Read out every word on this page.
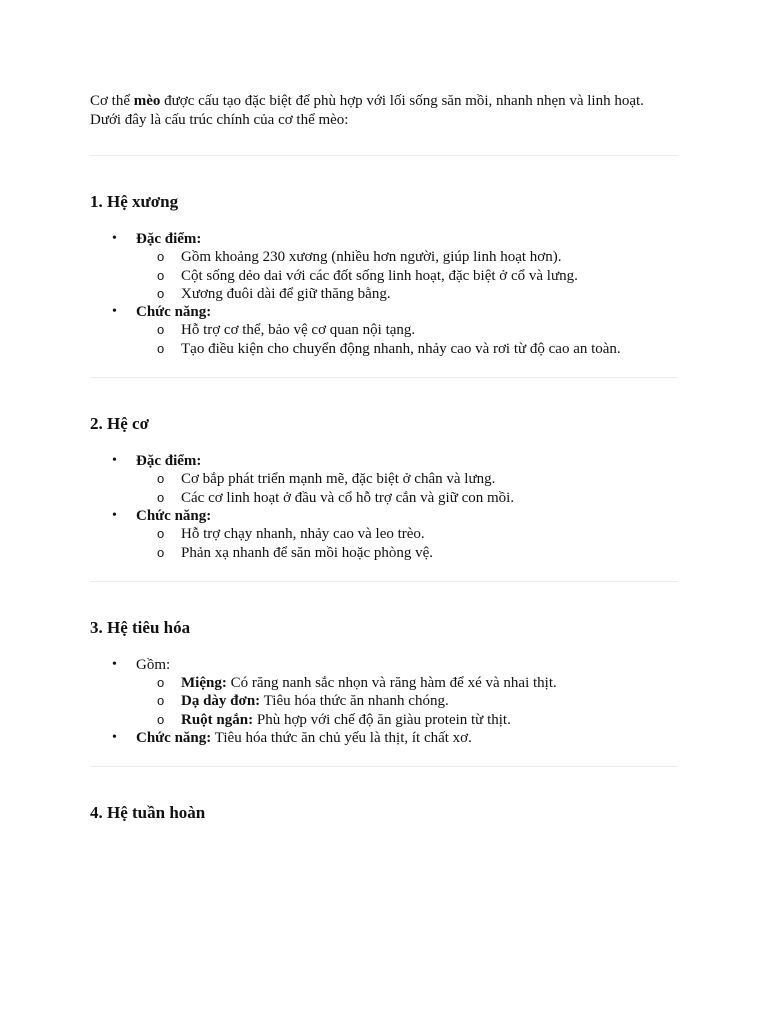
Cơ thể mèo được cấu tạo đặc biệt để phù hợp với lối sống săn mồi, nhanh nhẹn và linh hoạt. Dưới đây là cấu trúc chính của cơ thể mèo:

1. Hệ xương
• Đặc điểm:
o Gồm khoảng 230 xương (nhiều hơn người, giúp linh hoạt hơn).
o Cột sống dẻo dai với các đốt sống linh hoạt, đặc biệt ở cổ và lưng.
o Xương đuôi dài để giữ thăng bằng.
• Chức năng:
o Hỗ trợ cơ thể, bảo vệ cơ quan nội tạng.
o Tạo điều kiện cho chuyển động nhanh, nhảy cao và rơi từ độ cao an toàn.
2. Hệ cơ
• Đặc điểm:
o Cơ bắp phát triển mạnh mẽ, đặc biệt ở chân và lưng.
o Các cơ linh hoạt ở đầu và cổ hỗ trợ cắn và giữ con mồi.
• Chức năng:
o Hỗ trợ chạy nhanh, nhảy cao và leo trèo.
o Phản xạ nhanh để săn mồi hoặc phòng vệ.
3. Hệ tiêu hóa
• Gồm:
o Miệng: Có răng nanh sắc nhọn và răng hàm để xé và nhai thịt.
o Dạ dày đơn: Tiêu hóa thức ăn nhanh chóng.
o Ruột ngắn: Phù hợp với chế độ ăn giàu protein từ thịt.
• Chức năng: Tiêu hóa thức ăn chủ yếu là thịt, ít chất xơ.
4. Hệ tuần hoàn
